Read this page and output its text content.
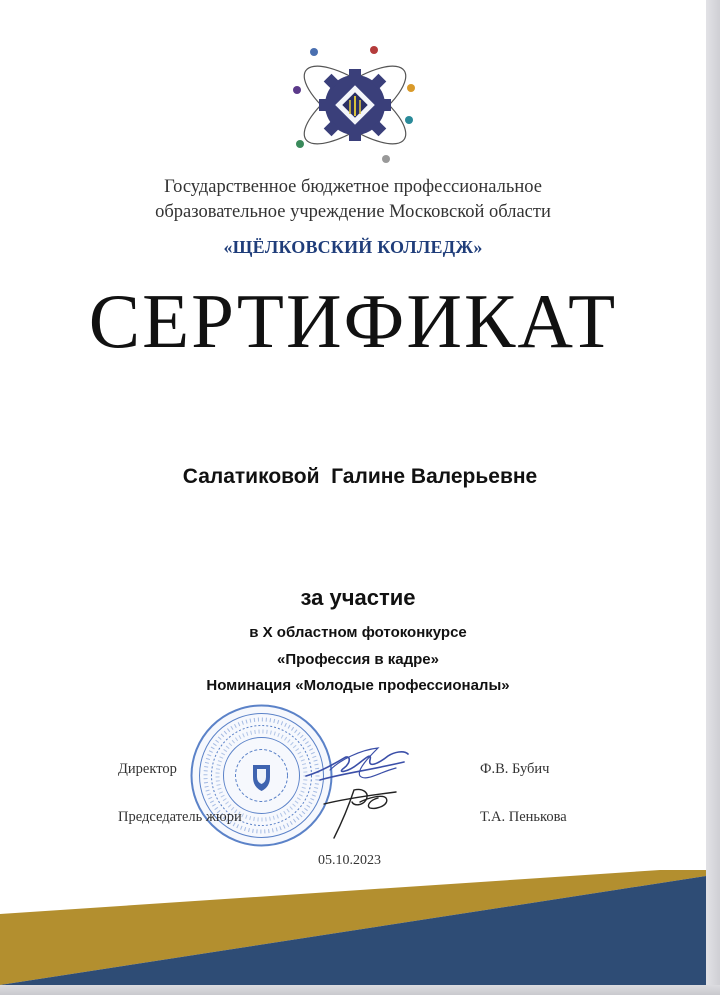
Государственное бюджетное профессиональное
образовательное учреждение Московской области
«ЩЁЛКОВСКИЙ КОЛЛЕДЖ»
СЕРТИФИКАТ
Салатиковой  Галине Валерьевне
за участие
в X областном фотоконкурсе
«Профессия в кадре»
Номинация «Молодые профессионалы»
Директор	Ф.В. Бубич
Председатель жюри	Т.А. Пенькова
05.10.2023
